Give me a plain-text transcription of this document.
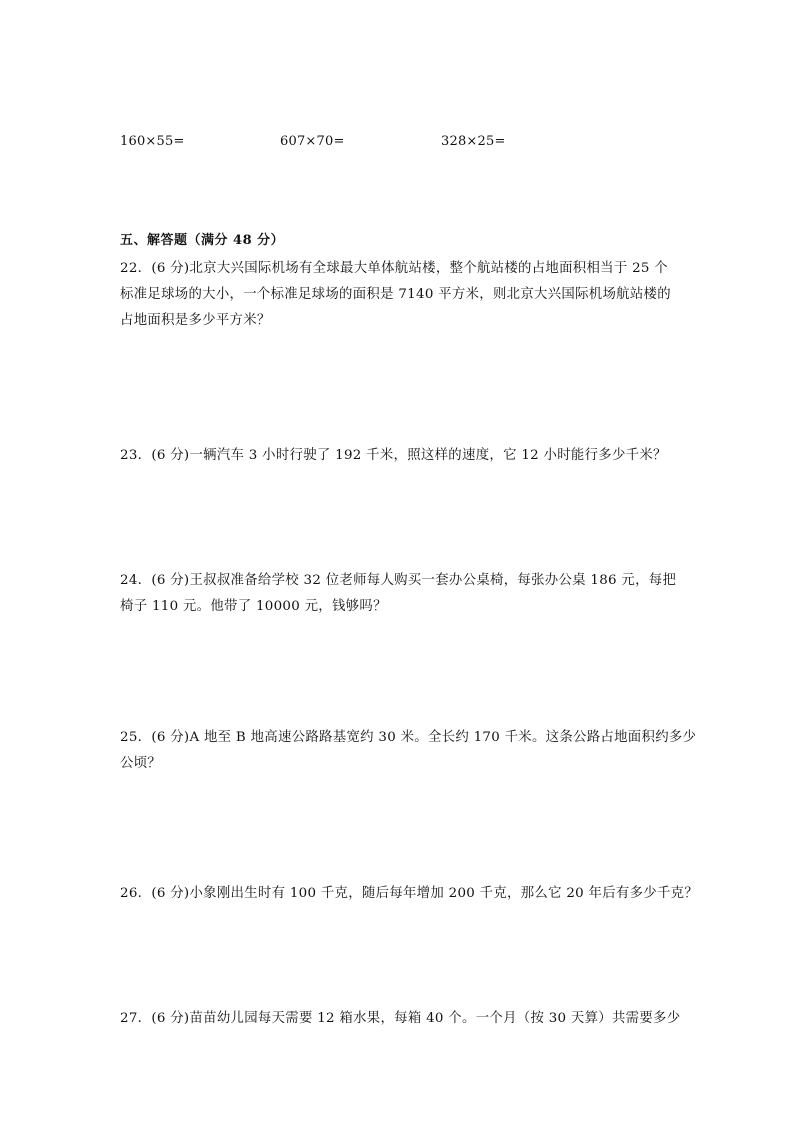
160×55=	607×70=	328×25=
五、解答题（满分 48 分）
22．(6 分)北京大兴国际机场有全球最大单体航站楼，整个航站楼的占地面积相当于 25 个
标准足球场的大小，一个标准足球场的面积是 7140 平方米，则北京大兴国际机场航站楼的
占地面积是多少平方米？
23．(6 分)一辆汽车 3 小时行驶了 192 千米，照这样的速度，它 12 小时能行多少千米？
24．(6 分)王叔叔准备给学校 32 位老师每人购买一套办公桌椅，每张办公桌 186 元，每把
椅子 110 元。他带了 10000 元，钱够吗？
25．(6 分)A 地至 B 地高速公路路基宽约 30 米。全长约 170 千米。这条公路占地面积约多少
公顷？
26．(6 分)小象刚出生时有 100 千克，随后每年增加 200 千克，那么它 20 年后有多少千克？
27．(6 分)苗苗幼儿园每天需要 12 箱水果，每箱 40 个。一个月（按 30 天算）共需要多少
